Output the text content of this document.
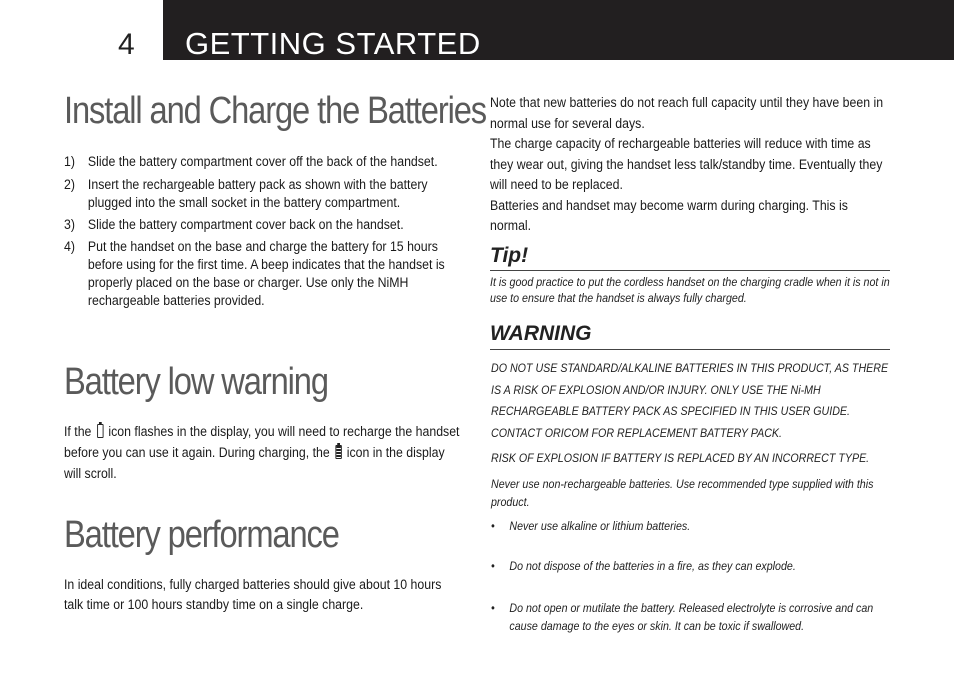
4 GETTING STARTED
Install and Charge the Batteries
1) Slide the battery compartment cover off the back of the handset.
2) Insert the rechargeable battery pack as shown with the battery plugged into the small socket in the battery compartment.
3) Slide the battery compartment cover back on the handset.
4) Put the handset on the base and charge the battery for 15 hours before using for the first time. A beep indicates that the handset is properly placed on the base or charger. Use only the NiMH rechargeable batteries provided.
Battery low warning
If the icon flashes in the display, you will need to recharge the handset before you can use it again. During charging, the icon in the display will scroll.
Battery performance
In ideal conditions, fully charged batteries should give about 10 hours talk time or 100 hours standby time on a single charge.

Note that new batteries do not reach full capacity until they have been in normal use for several days.

The charge capacity of rechargeable batteries will reduce with time as they wear out, giving the handset less talk/standby time. Eventually they will need to be replaced.

Batteries and handset may become warm during charging. This is normal.

Tip!
It is good practice to put the cordless handset on the charging cradle when it is not in use to ensure that the handset is always fully charged.
WARNING
DO NOT USE STANDARD/ALKALINE BATTERIES IN THIS PRODUCT, AS THERE IS A RISK OF EXPLOSION AND/OR INJURY. ONLY USE THE Ni-MH RECHARGEABLE BATTERY PACK AS SPECIFIED IN THIS USER GUIDE. CONTACT ORICOM FOR REPLACEMENT BATTERY PACK.
RISK OF EXPLOSION IF BATTERY IS REPLACED BY AN INCORRECT TYPE.
Never use non-rechargeable batteries. Use recommended type supplied with this product.
• Never use alkaline or lithium batteries.
• Do not dispose of the batteries in a fire, as they can explode.
• Do not open or mutilate the battery. Released electrolyte is corrosive and can cause damage to the eyes or skin. It can be toxic if swallowed.
